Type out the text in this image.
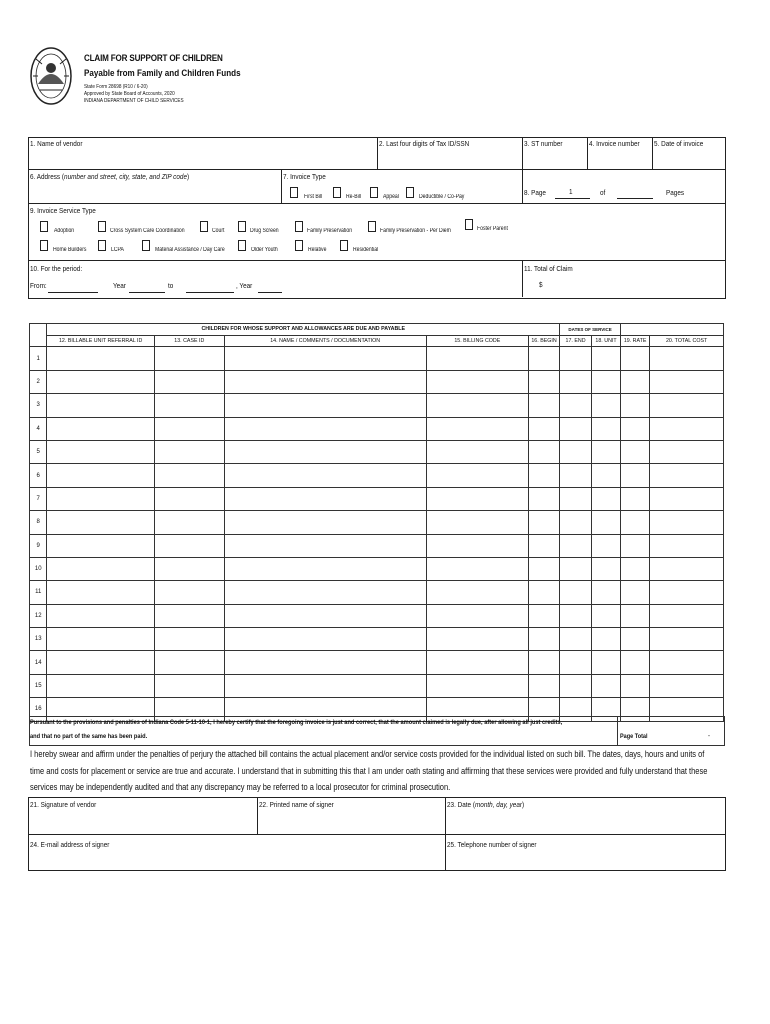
CLAIM FOR SUPPORT OF CHILDREN
Payable from Family and Children Funds
State Form 28698 (R10 / 6-20)
Approved by State Board of Accounts, 2020
INDIANA DEPARTMENT OF CHILD SERVICES
1. Name of vendor	2. Last four digits of Tax ID/SSN	3. ST number	4. Invoice number 5. Date of invoice
6. Address (number and street, city, state, and ZIP code)	7. Invoice Type
First Bill	Re-Bill	Appeal	Deductible / Co-Pay	8. Page	1	of	Pages
9. Invoice Service Type
Adoption	Cross System Care Coordination	Court	Drug Screen	Family Preservation	Family Preservation - Per Diem	Foster Parent
Home Builders	LCPA	Material Assistance / Day Care	Older Youth	Relative	Residential
10. For the period:
From:	Year	to	, Year
11. Total of Claim
$
	CHILDREN FOR WHOSE SUPPORT AND ALLOWANCES ARE DUE AND PAYABLE					DATES OF SERVICE			
	12. BILLABLE UNIT REFERRAL ID	13. CASE ID	14. NAME / COMMENTS / DOCUMENTATION	15. BILLING CODE	16. BEGIN	17. END	18. UNIT	19. RATE	20. TOTAL COST
1									
2									
3									
4									
5									
6									
7									
8									
9									
10									
11									
12									
13									
14									
15									
16									
Pursuant to the provisions and penalties of Indiana Code 5-11-10-1, I hereby certify that the foregoing invoice is just and correct, that the amount claimed is legally due, after allowing all just credits,
and that no part of the same has been paid.	Page Total	-
I hereby swear and affirm under the penalties of perjury the attached bill contains the actual placement and/or service costs provided for the individual listed on such bill. The dates, days, hours and units of
time and costs for placement or service are true and accurate. I understand that in submitting this that I am under oath stating and affirming that these services were provided and fully understand that these
services may be independently audited and that any discrepancy may be referred to a local prosecutor for criminal prosecution.
21. Signature of vendor	22. Printed name of signer	23. Date (month, day, year)
24. E-mail address of signer	25. Telephone number of signer
